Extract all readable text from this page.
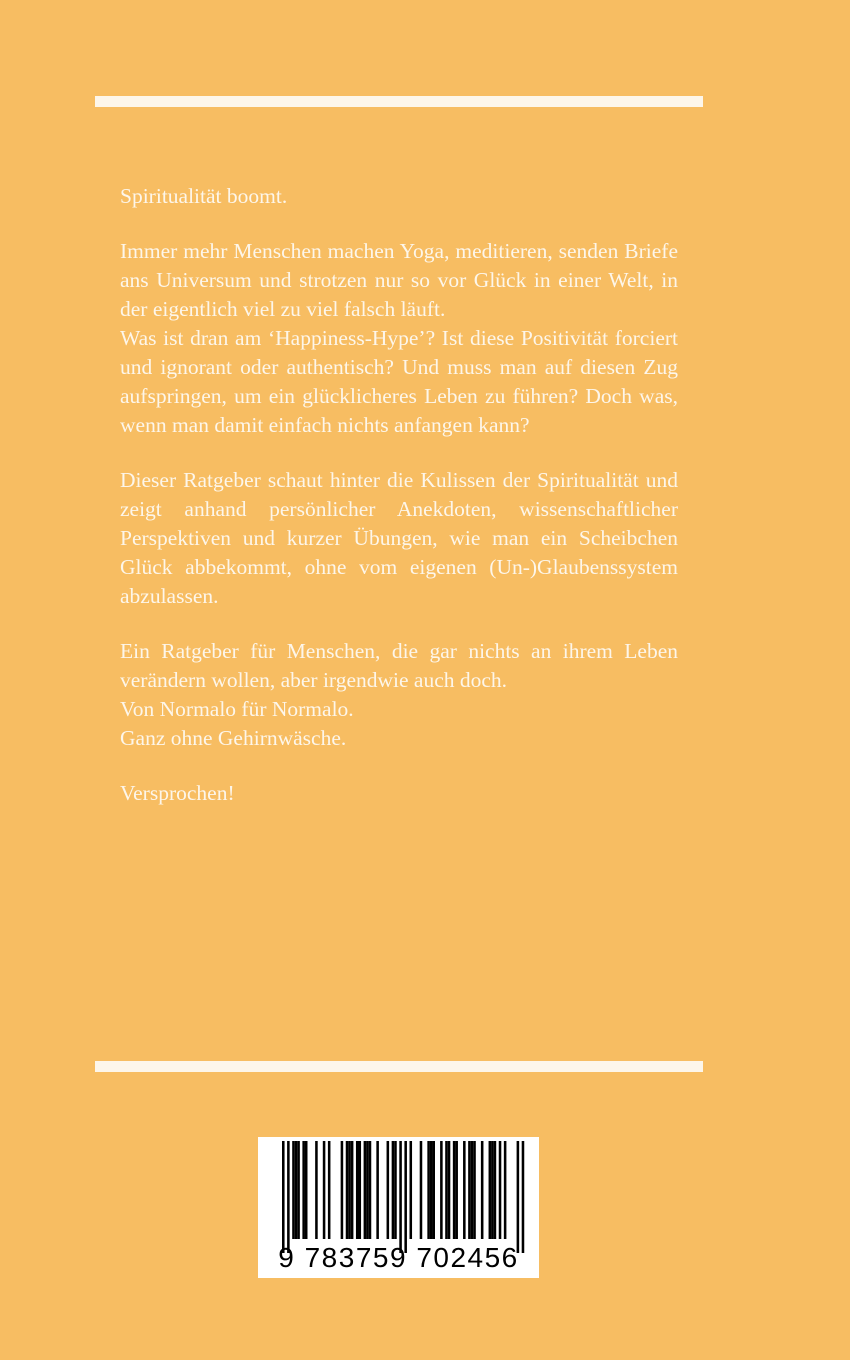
Spiritualität boomt.

Immer mehr Menschen machen Yoga, meditieren, senden Briefe ans Universum und strotzen nur so vor Glück in einer Welt, in der eigentlich viel zu viel falsch läuft.

Was ist dran am ‘Happiness-Hype’? Ist diese Positivität forciert und ignorant oder authentisch? Und muss man auf diesen Zug aufspringen, um ein glücklicheres Leben zu führen? Doch was, wenn man damit einfach nichts anfangen kann?

Dieser Ratgeber schaut hinter die Kulissen der Spiritualität und zeigt anhand persönlicher Anekdoten, wissenschaftlicher Perspektiven und kurzer Übungen, wie man ein Scheibchen Glück abbekommt, ohne vom eigenen (Un-)Glaubenssystem abzulassen.

Ein Ratgeber für Menschen, die gar nichts an ihrem Leben verändern wollen, aber irgendwie auch doch.

Von Normalo für Normalo.

Ganz ohne Gehirnwäsche.

Versprochen!

9 783759 702456
